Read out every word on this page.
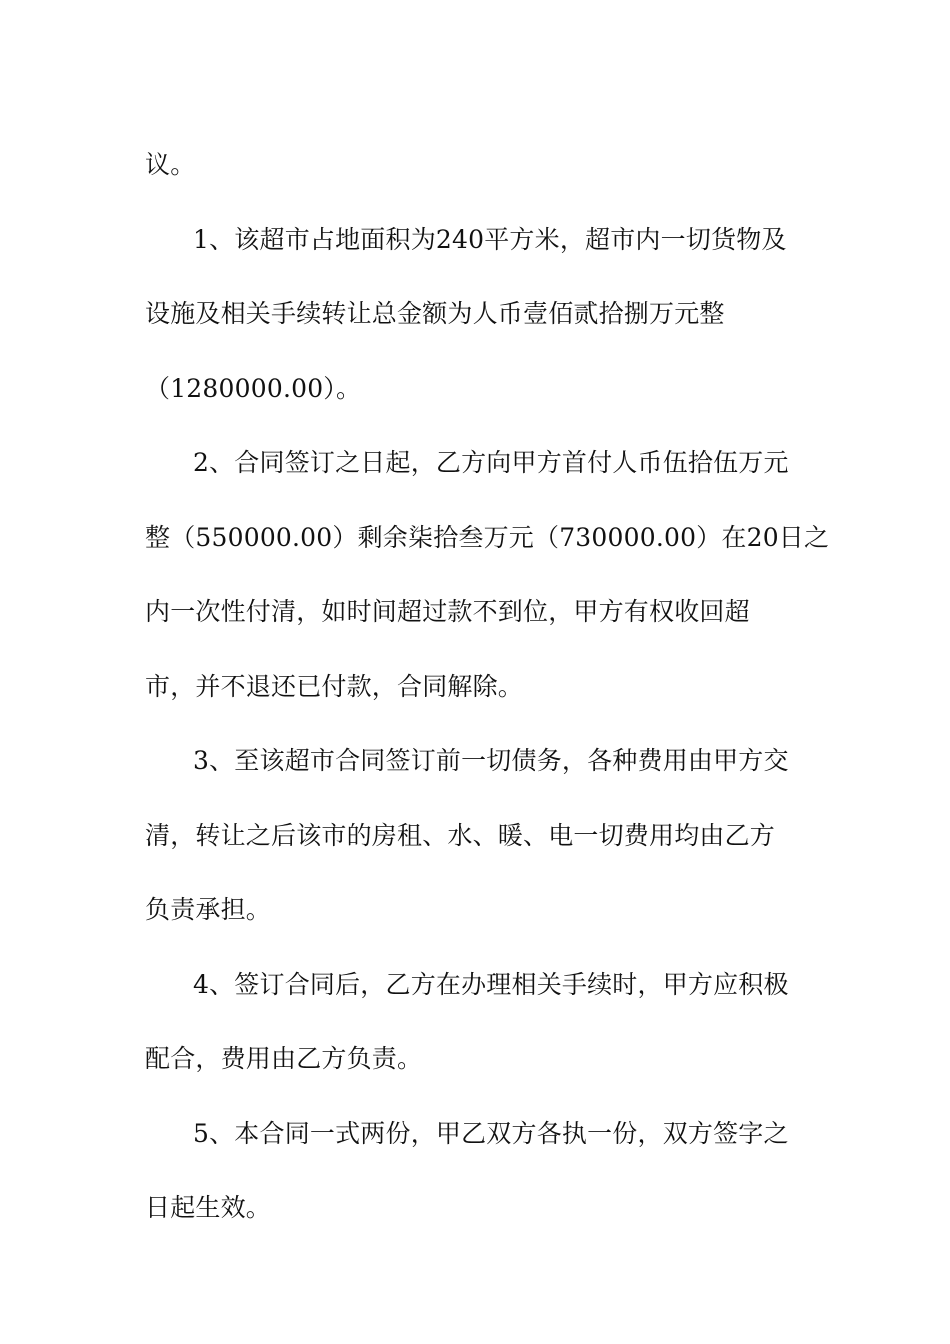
议。
1、该超市占地面积为240平方米，超市内一切货物及
设施及相关手续转让总金额为人币壹佰贰拾捌万元整
（1280000.00）。
2、合同签订之日起，乙方向甲方首付人币伍拾伍万元
整（550000.00）剩余柒拾叁万元（730000.00）在20日之
内一次性付清，如时间超过款不到位，甲方有权收回超
市，并不退还已付款，合同解除。
3、至该超市合同签订前一切债务，各种费用由甲方交
清，转让之后该市的房租、水、暖、电一切费用均由乙方
负责承担。
4、签订合同后，乙方在办理相关手续时，甲方应积极
配合，费用由乙方负责。
5、本合同一式两份，甲乙双方各执一份，双方签字之
日起生效。
